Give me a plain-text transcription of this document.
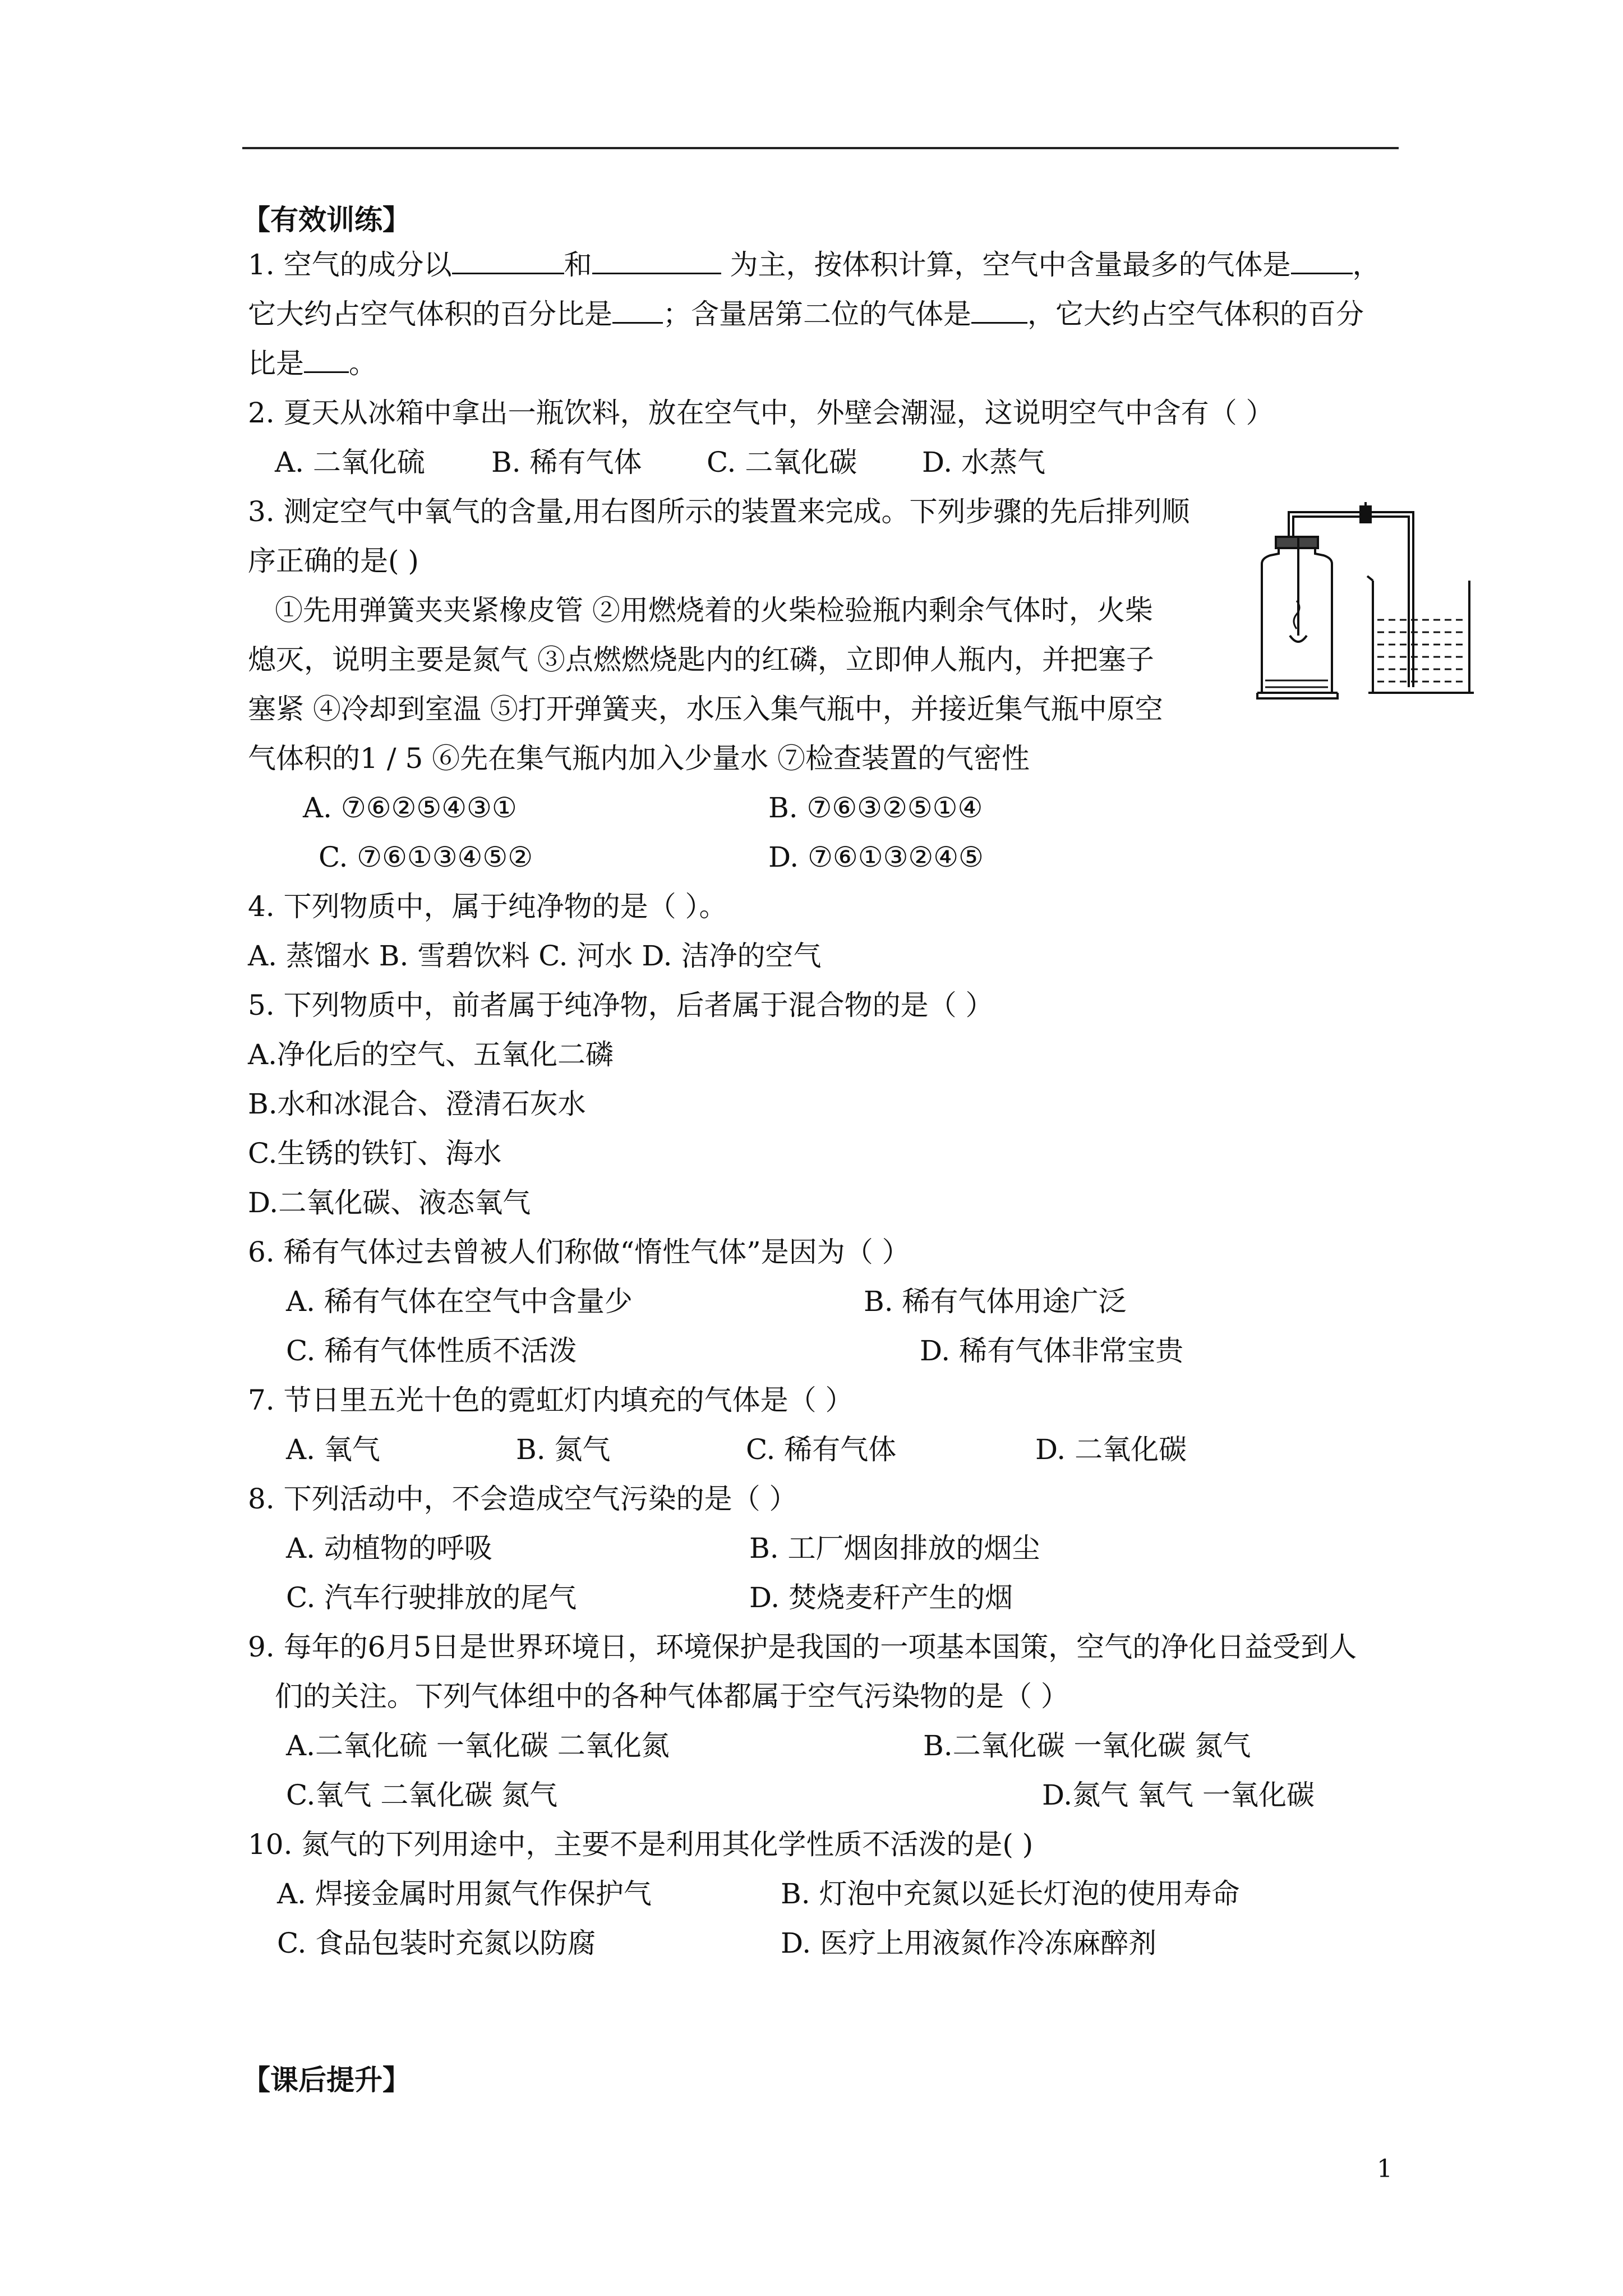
【有效训练】
1. 空气的成分以	和	为主，按体积计算，空气中含量最多的气体是 ，
它大约占空气体积的百分比是 ；含量居第二位的气体是 ，它大约占空气体积的百分
比是 。
2. 夏天从冰箱中拿出一瓶饮料，放在空气中，外壁会潮湿，这说明空气中含有（ ）
A. 二氧化硫 B. 稀有气体 C. 二氧化碳 D. 水蒸气
3. 测定空气中氧气的含量,用右图所示的装置来完成。下列步骤的先后排列顺
序正确的是( )
①先用弹簧夹夹紧橡皮管 ②用燃烧着的火柴检验瓶内剩余气体时，火柴
熄灭，说明主要是氮气 ③点燃燃烧匙内的红磷，立即伸人瓶内，并把塞子
塞紧 ④冷却到室温 ⑤打开弹簧夹，水压入集气瓶中，并接近集气瓶中原空
气体积的1 / 5 ⑥先在集气瓶内加入少量水 ⑦检查装置的气密性
A. ⑦⑥②⑤④③①	B. ⑦⑥③②⑤①④
C. ⑦⑥①③④⑤②	D. ⑦⑥①③②④⑤
4. 下列物质中，属于纯净物的是（ ）。
A. 蒸馏水 B. 雪碧饮料 C. 河水 D. 洁净的空气
5. 下列物质中，前者属于纯净物，后者属于混合物的是（ ）
A.净化后的空气、五氧化二磷
B.水和冰混合、澄清石灰水
C.生锈的铁钉、海水
D.二氧化碳、液态氧气
6. 稀有气体过去曾被人们称做“惰性气体”是因为（ ）
A. 稀有气体在空气中含量少	B. 稀有气体用途广泛
C. 稀有气体性质不活泼	D. 稀有气体非常宝贵
7. 节日里五光十色的霓虹灯内填充的气体是（ ）
A. 氧气	B. 氮气	C. 稀有气体	D. 二氧化碳
8. 下列活动中，不会造成空气污染的是（ ）
A. 动植物的呼吸	B. 工厂烟囱排放的烟尘
C. 汽车行驶排放的尾气	D. 焚烧麦秆产生的烟
9. 每年的6月5日是世界环境日，环境保护是我国的一项基本国策，空气的净化日益受到人
们的关注。下列气体组中的各种气体都属于空气污染物的是（ ）
A.二氧化硫 一氧化碳 二氧化氮	B.二氧化碳 一氧化碳 氮气
C.氧气 二氧化碳 氮气	D.氮气 氧气 一氧化碳
10. 氮气的下列用途中，主要不是利用其化学性质不活泼的是( )
A. 焊接金属时用氮气作保护气	B. 灯泡中充氮以延长灯泡的使用寿命
C. 食品包装时充氮以防腐	D. 医疗上用液氮作冷冻麻醉剂
【课后提升】
1
